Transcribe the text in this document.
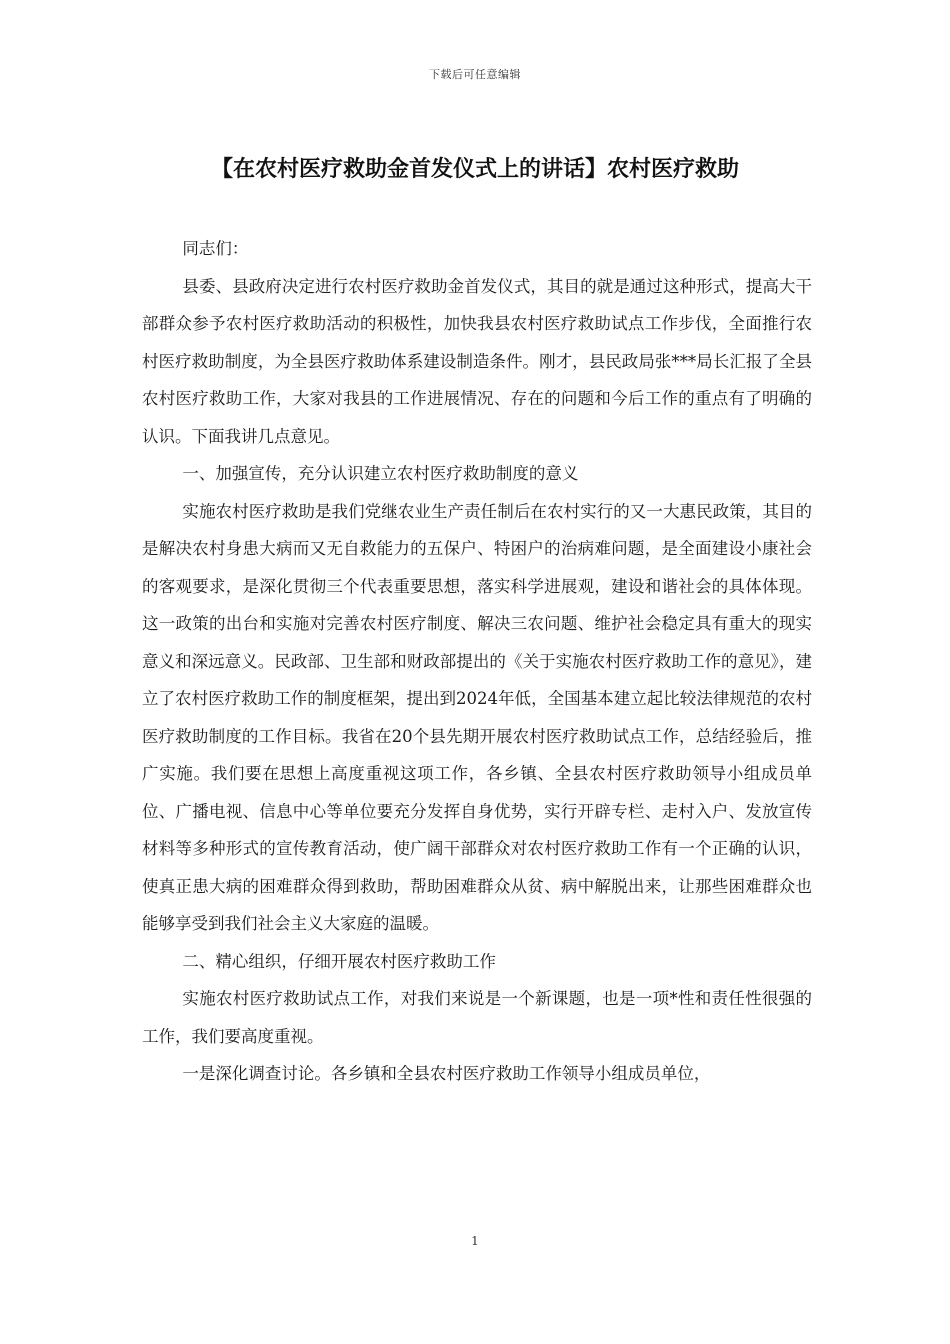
下载后可任意编辑
【在农村医疗救助金首发仪式上的讲话】农村医疗救助

同志们：

县委、县政府决定进行农村医疗救助金首发仪式，其目的就是通过这种形式，提高大干部群众参予农村医疗救助活动的积极性，加快我县农村医疗救助试点工作步伐，全面推行农村医疗救助制度，为全县医疗救助体系建设制造条件。刚才，县民政局张***局长汇报了全县农村医疗救助工作，大家对我县的工作进展情况、存在的问题和今后工作的重点有了明确的认识。下面我讲几点意见。

一、加强宣传，充分认识建立农村医疗救助制度的意义

实施农村医疗救助是我们党继农业生产责任制后在农村实行的又一大惠民政策，其目的是解决农村身患大病而又无自救能力的五保户、特困户的治病难问题，是全面建设小康社会的客观要求，是深化贯彻三个代表重要思想，落实科学进展观，建设和谐社会的具体体现。这一政策的出台和实施对完善农村医疗制度、解决三农问题、维护社会稳定具有重大的现实意义和深远意义。民政部、卫生部和财政部提出的《关于实施农村医疗救助工作的意见》，建立了农村医疗救助工作的制度框架，提出到2024年低，全国基本建立起比较法律规范的农村医疗救助制度的工作目标。我省在20个县先期开展农村医疗救助试点工作，总结经验后，推广实施。我们要在思想上高度重视这项工作，各乡镇、全县农村医疗救助领导小组成员单位、广播电视、信息中心等单位要充分发挥自身优势，实行开辟专栏、走村入户、发放宣传材料等多种形式的宣传教育活动，使广阔干部群众对农村医疗救助工作有一个正确的认识，使真正患大病的困难群众得到救助，帮助困难群众从贫、病中解脱出来，让那些困难群众也能够享受到我们社会主义大家庭的温暖。

二、精心组织，仔细开展农村医疗救助工作

实施农村医疗救助试点工作，对我们来说是一个新课题，也是一项*性和责任性很强的工作，我们要高度重视。

一是深化调查讨论。各乡镇和全县农村医疗救助工作领导小组成员单位，

1
